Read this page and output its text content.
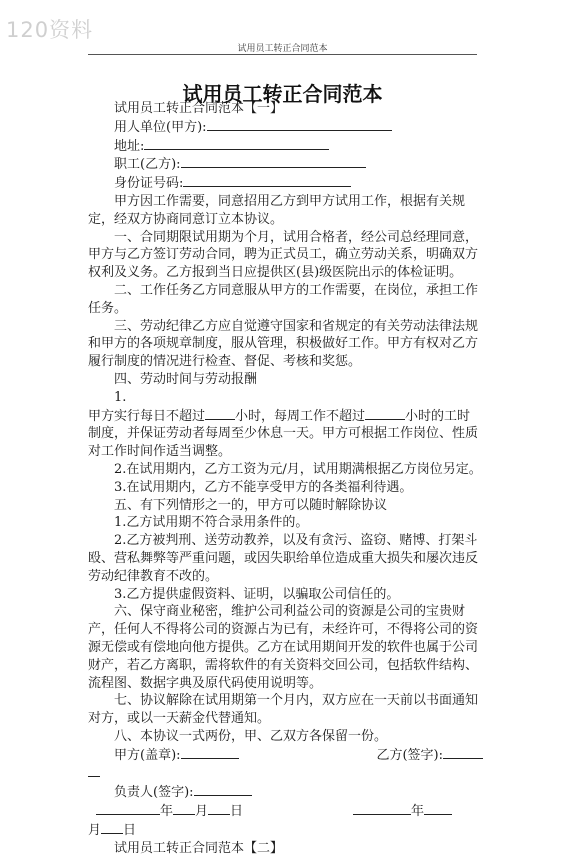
120资料
试用员工转正合同范本
试用员工转正合同范本

试用员工转正合同范本【一】

用人单位(甲方):

地址:

职工(乙方):

身份证号码:

甲方因工作需要，同意招用乙方到甲方试用工作，根据有关规定，经双方协商同意订立本协议。

一、合同期限试用期为个月，试用合格者，经公司总经理同意，甲方与乙方签订劳动合同，聘为正式员工，确立劳动关系，明确双方权利及义务。乙方报到当日应提供区(县)级医院出示的体检证明。

二、工作任务乙方同意服从甲方的工作需要，在岗位，承担工作任务。

三、劳动纪律乙方应自觉遵守国家和省规定的有关劳动法律法规和甲方的各项规章制度，服从管理，积极做好工作。甲方有权对乙方履行制度的情况进行检查、督促、考核和奖惩。

四、劳动时间与劳动报酬

1.

甲方实行每日不超过 小时，每周工作不超过	小时的工时制度，并保证劳动者每周至少休息一天。甲方可根据工作岗位、性质对工作时间作适当调整。

2.在试用期内，乙方工资为元/月，试用期满根据乙方岗位另定。

3.在试用期内，乙方不能享受甲方的各类福利待遇。

五、有下列情形之一的，甲方可以随时解除协议

1.乙方试用期不符合录用条件的。

2.乙方被判刑、送劳动教养，以及有贪污、盗窃、赌博、打架斗殴、营私舞弊等严重问题，或因失职给单位造成重大损失和屡次违反劳动纪律教育不改的。

3.乙方提供虚假资料、证明，以骗取公司信任的。

六、保守商业秘密，维护公司利益公司的资源是公司的宝贵财产，任何人不得将公司的资源占为已有，未经许可，不得将公司的资源无偿或有偿地向他方提供。乙方在试用期间开发的软件也属于公司财产，若乙方离职，需将软件的有关资料交回公司，包括软件结构、流程图、数据字典及原代码使用说明等。

七、协议解除在试用期第一个月内，双方应在一天前以书面通知对方，或以一天薪金代替通知。

八、本协议一式两份，甲、乙双方各保留一份。

甲方(盖章):	乙方(签字):

负责人(签字):

年 月 日	年

月 日

试用员工转正合同范本【二】
